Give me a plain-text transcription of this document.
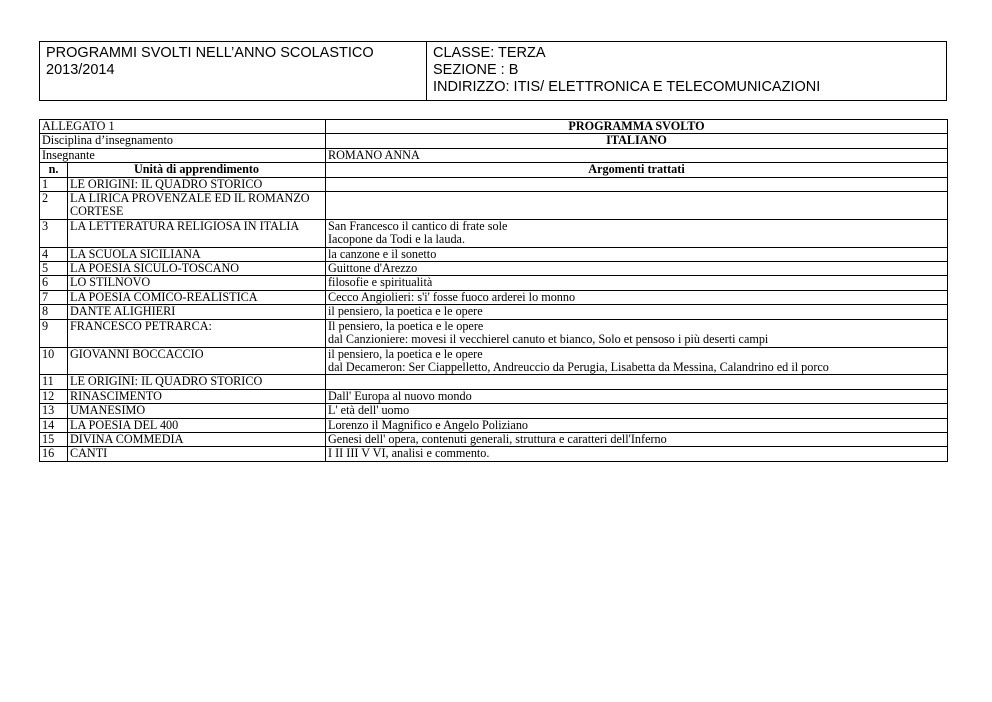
PROGRAMMI SVOLTI NELL’ANNO SCOLASTICO
2013/2014
CLASSE: TERZA
SEZIONE : B
INDIRIZZO: ITIS/ ELETTRONICA E TELECOMUNICAZIONI
ALLEGATO 1		PROGRAMMA SVOLTO
Disciplina d’insegnamento		ITALIANO
Insegnante		ROMANO ANNA
n.	Unità di apprendimento	Argomenti trattati
1	LE ORIGINI: IL QUADRO STORICO	
2	LA LIRICA PROVENZALE ED IL ROMANZO CORTESE	
3	LA LETTERATURA RELIGIOSA IN ITALIA	San Francesco il cantico di frate sole
Iacopone da Todi e la lauda.

4	LA SCUOLA SICILIANA	la canzone e il sonetto

5	LA POESIA SICULO-TOSCANO	Guittone d'Arezzo

6	LO STILNOVO	filosofie e spiritualità

7	LA POESIA COMICO-REALISTICA	Cecco Angiolieri: s'i' fosse fuoco arderei lo monno

8	DANTE ALIGHIERI	il pensiero, la poetica e le opere

9	FRANCESCO PETRARCA:	Il pensiero, la poetica e le opere
dal Canzioniere: movesi il vecchierel canuto et bianco, Solo et pensoso i più deserti campi

10	GIOVANNI BOCCACCIO	il pensiero, la poetica e le opere
dal Decameron: Ser Ciappelletto, Andreuccio da Perugia, Lisabetta da Messina, Calandrino ed il porco

11	LE ORIGINI: IL QUADRO STORICO	
12	RINASCIMENTO	Dall' Europa al nuovo mondo

13	UMANESIMO	L' età dell' uomo

14	LA POESIA DEL 400	Lorenzo il Magnifico e Angelo Poliziano

15	DIVINA COMMEDIA	Genesi dell' opera, contenuti generali, struttura e caratteri dell'Inferno

16	CANTI	I II III V VI, analisi e commento.
